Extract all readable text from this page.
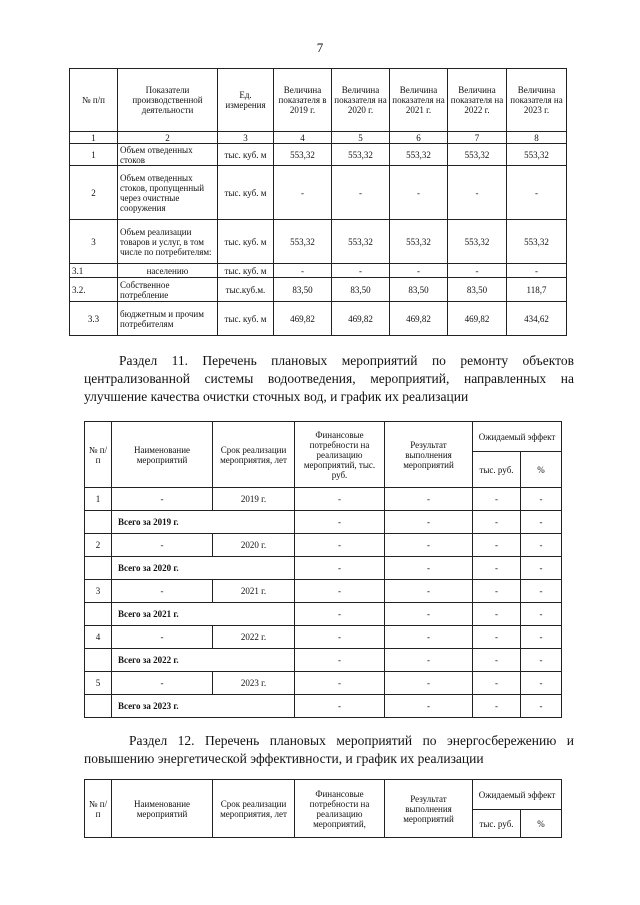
7
№ п/п	Показатели производственной деятельности	Ед. измерения	Величина показателя в 2019 г.	Величина показателя на 2020 г.	Величина показателя на 2021 г.	Величина показателя на 2022 г.	Величина показателя на 2023 г.
1	2	3	4	5	6	7	8
1	Объем отведенных стоков	тыс. куб. м	553,32	553,32	553,32	553,32	553,32
2	Объем отведенных стоков, пропущенный через очистные сооружения	тыс. куб. м	-	-	-	-	-
3	Объем реализации товаров и услуг, в том числе по потребителям:	тыс. куб. м	553,32	553,32	553,32	553,32	553,32
3.1	населению	тыс. куб. м	-	-	-	-	-
3.2.	Собственное потребление	тыс.куб.м.	83,50	83,50	83,50	83,50	118,7
3.3	бюджетным и прочим потребителям	тыс. куб. м	469,82	469,82	469,82	469,82	434,62
Раздел 11. Перечень плановых мероприятий по ремонту объектов централизованной системы водоотведения, мероприятий, направленных на улучшение качества очистки сточных вод, и график их реализации
№ п/п	Наименование мероприятий	Срок реализации мероприятия, лет	Финансовые потребности на реализацию мероприятий, тыс. руб.	Результат выполнения мероприятий	Ожидаемый эффект	
					тыс. руб.	%
1	-	2019 г.	-	-	-	-
	Всего за 2019 г.		-	-	-	-
2	-	2020 г.	-	-	-	-
	Всего за 2020 г.		-	-	-	-
3	-	2021 г.	-	-	-	-
	Всего за 2021 г.		-	-	-	-
4	-	2022 г.	-	-	-	-
	Всего за 2022 г.		-	-	-	-
5	-	2023 г.	-	-	-	-
	Всего за 2023 г.		-	-	-	-
Раздел 12. Перечень плановых мероприятий по энергосбережению и повышению энергетической эффективности, и график их реализации
№ п/п	Наименование мероприятий	Срок реализации мероприятия, лет	Финансовые потребности на реализацию мероприятий,	Результат выполнения мероприятий	Ожидаемый эффект	
					тыс. руб.	%
